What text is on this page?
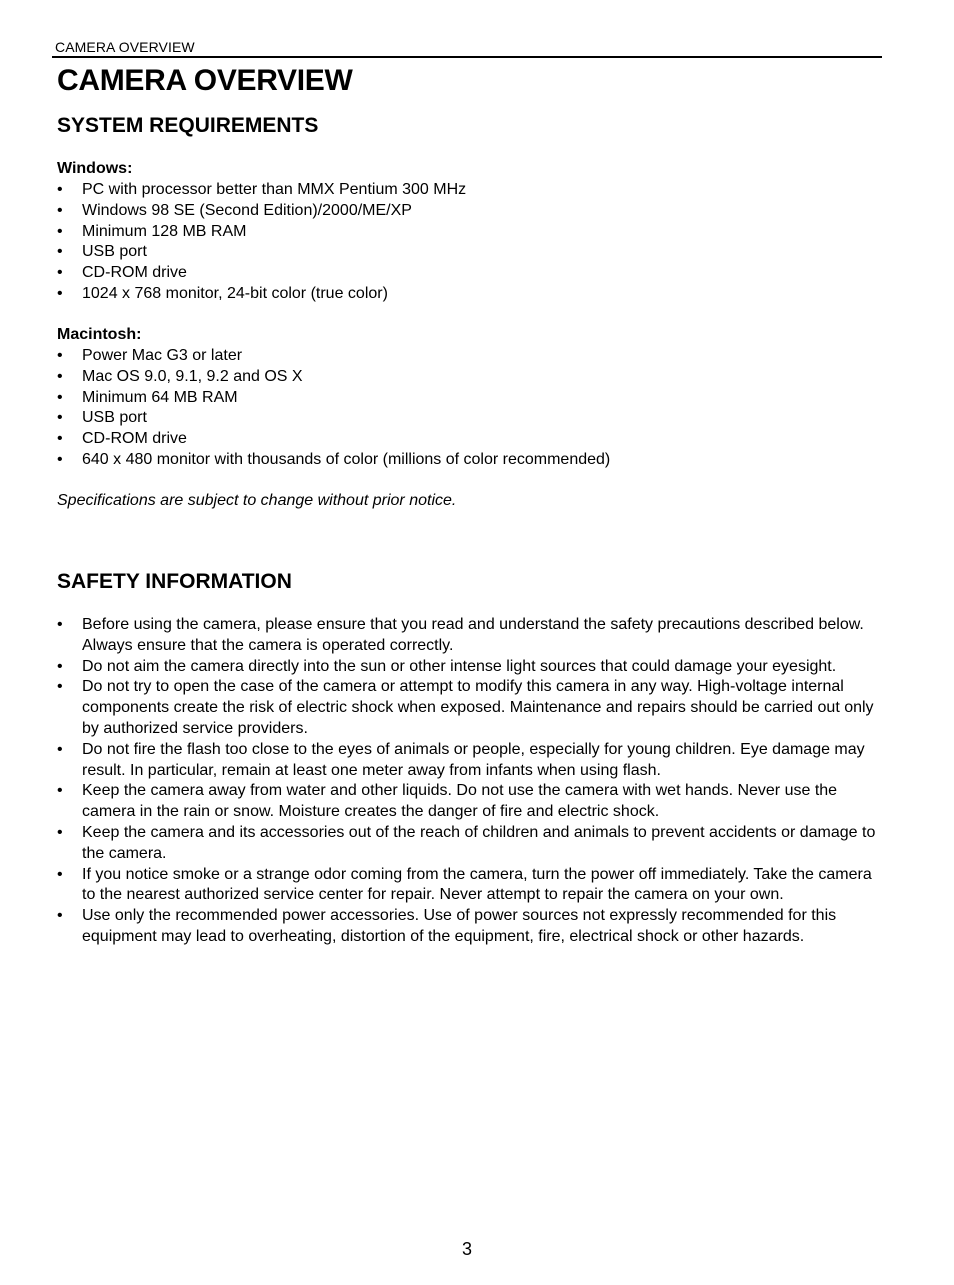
CAMERA OVERVIEW
CAMERA OVERVIEW
SYSTEM REQUIREMENTS
Windows:
• PC with processor better than MMX Pentium 300 MHz
• Windows 98 SE (Second Edition)/2000/ME/XP
• Minimum 128 MB RAM
• USB port
• CD-ROM drive
• 1024 x 768 monitor, 24-bit color (true color)
Macintosh:
• Power Mac G3 or later
• Mac OS 9.0, 9.1, 9.2 and OS X
• Minimum 64 MB RAM
• USB port
• CD-ROM drive
• 640 x 480 monitor with thousands of color (millions of color recommended)

Specifications are subject to change without prior notice.

SAFETY INFORMATION
• Before using the camera, please ensure that you read and understand the safety precautions described below. Always ensure that the camera is operated correctly.
• Do not aim the camera directly into the sun or other intense light sources that could damage your eyesight.
• Do not try to open the case of the camera or attempt to modify this camera in any way. High-voltage internal components create the risk of electric shock when exposed. Maintenance and repairs should be carried out only by authorized service providers.
• Do not fire the flash too close to the eyes of animals or people, especially for young children. Eye damage may result. In particular, remain at least one meter away from infants when using flash.
• Keep the camera away from water and other liquids. Do not use the camera with wet hands. Never use the camera in the rain or snow. Moisture creates the danger of fire and electric shock.
• Keep the camera and its accessories out of the reach of children and animals to prevent accidents or damage to the camera.
• If you notice smoke or a strange odor coming from the camera, turn the power off immediately. Take the camera to the nearest authorized service center for repair. Never attempt to repair the camera on your own.
• Use only the recommended power accessories. Use of power sources not expressly recommended for this equipment may lead to overheating, distortion of the equipment, fire, electrical shock or other hazards.
3
